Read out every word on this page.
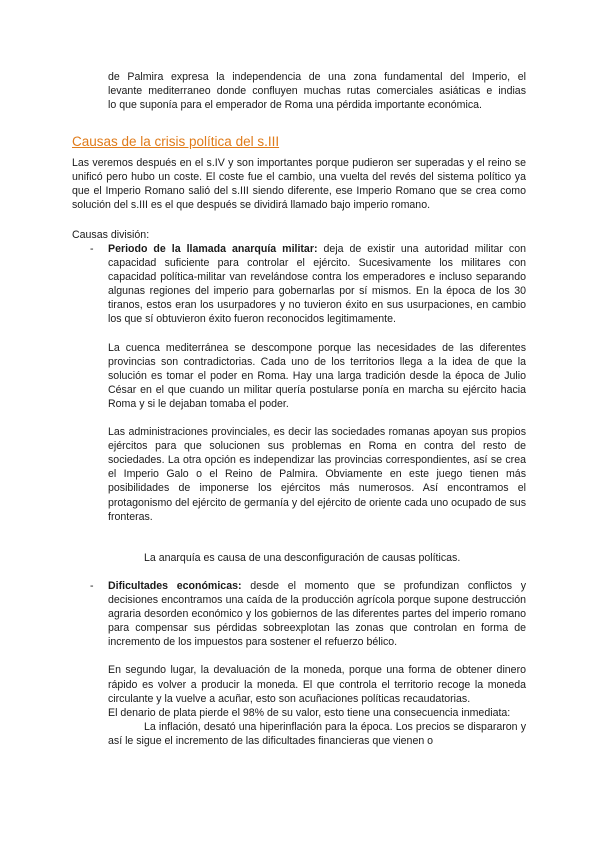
de Palmira expresa la independencia de una zona fundamental del Imperio, el

levante mediterraneo donde confluyen muchas rutas comerciales asiáticas e indias

lo que suponía para el emperador de Roma una pérdida importante económica.

Causas de la crisis política del s.III

Las veremos después en el s.IV y son importantes porque pudieron ser superadas y el reino se unificó pero hubo un coste. El coste fue el cambio, una vuelta del revés del sistema político ya que el Imperio Romano salió del s.III siendo diferente, ese Imperio Romano que se crea como solución del s.III es el que después se dividirá llamado bajo imperio romano.

Causas división:

- Periodo de la llamada anarquía militar: deja de existir una autoridad militar con capacidad suficiente para controlar el ejército. Sucesivamente los militares con capacidad política-militar van revelándose contra los emperadores e incluso separando algunas regiones del imperio para gobernarlas por sí mismos. En la época de los 30 tiranos, estos eran los usurpadores y no tuvieron éxito en sus usurpaciones, en cambio los que sí obtuvieron éxito fueron reconocidos legitimamente.

La cuenca mediterránea se descompone porque las necesidades de las diferentes provincias son contradictorias. Cada uno de los territorios llega a la idea de que la solución es tomar el poder en Roma. Hay una larga tradición desde la época de Julio César en el que cuando un militar quería postularse ponía en marcha su ejército hacia Roma y si le dejaban tomaba el poder.

Las administraciones provinciales, es decir las sociedades romanas apoyan sus propios ejércitos para que solucionen sus problemas en Roma en contra del resto de sociedades. La otra opción es independizar las provincias correspondientes, así se crea el Imperio Galo o el Reino de Palmira. Obviamente en este juego tienen más posibilidades de imponerse los ejércitos más numerosos. Así encontramos el protagonismo del ejército de germanía y del ejército de oriente cada uno ocupado de sus fronteras.

La anarquía es causa de una desconfiguración de causas políticas.

- Dificultades económicas: desde el momento que se profundizan conflictos y decisiones encontramos una caída de la producción agrícola porque supone destrucción agraria desorden económico y los gobiernos de las diferentes partes del imperio romano para compensar sus pérdidas sobreexplotan las zonas que controlan en forma de incremento de los impuestos para sostener el refuerzo bélico.

En segundo lugar, la devaluación de la moneda, porque una forma de obtener dinero rápido es volver a producir la moneda. El que controla el territorio recoge la moneda circulante y la vuelve a acuñar, esto son acuñaciones políticas recaudatorias.

El denario de plata pierde el 98% de su valor, esto tiene una consecuencia inmediata:

La inflación, desató una hiperinflación para la época. Los precios se dispararon y así le sigue el incremento de las dificultades financieras que vienen o
